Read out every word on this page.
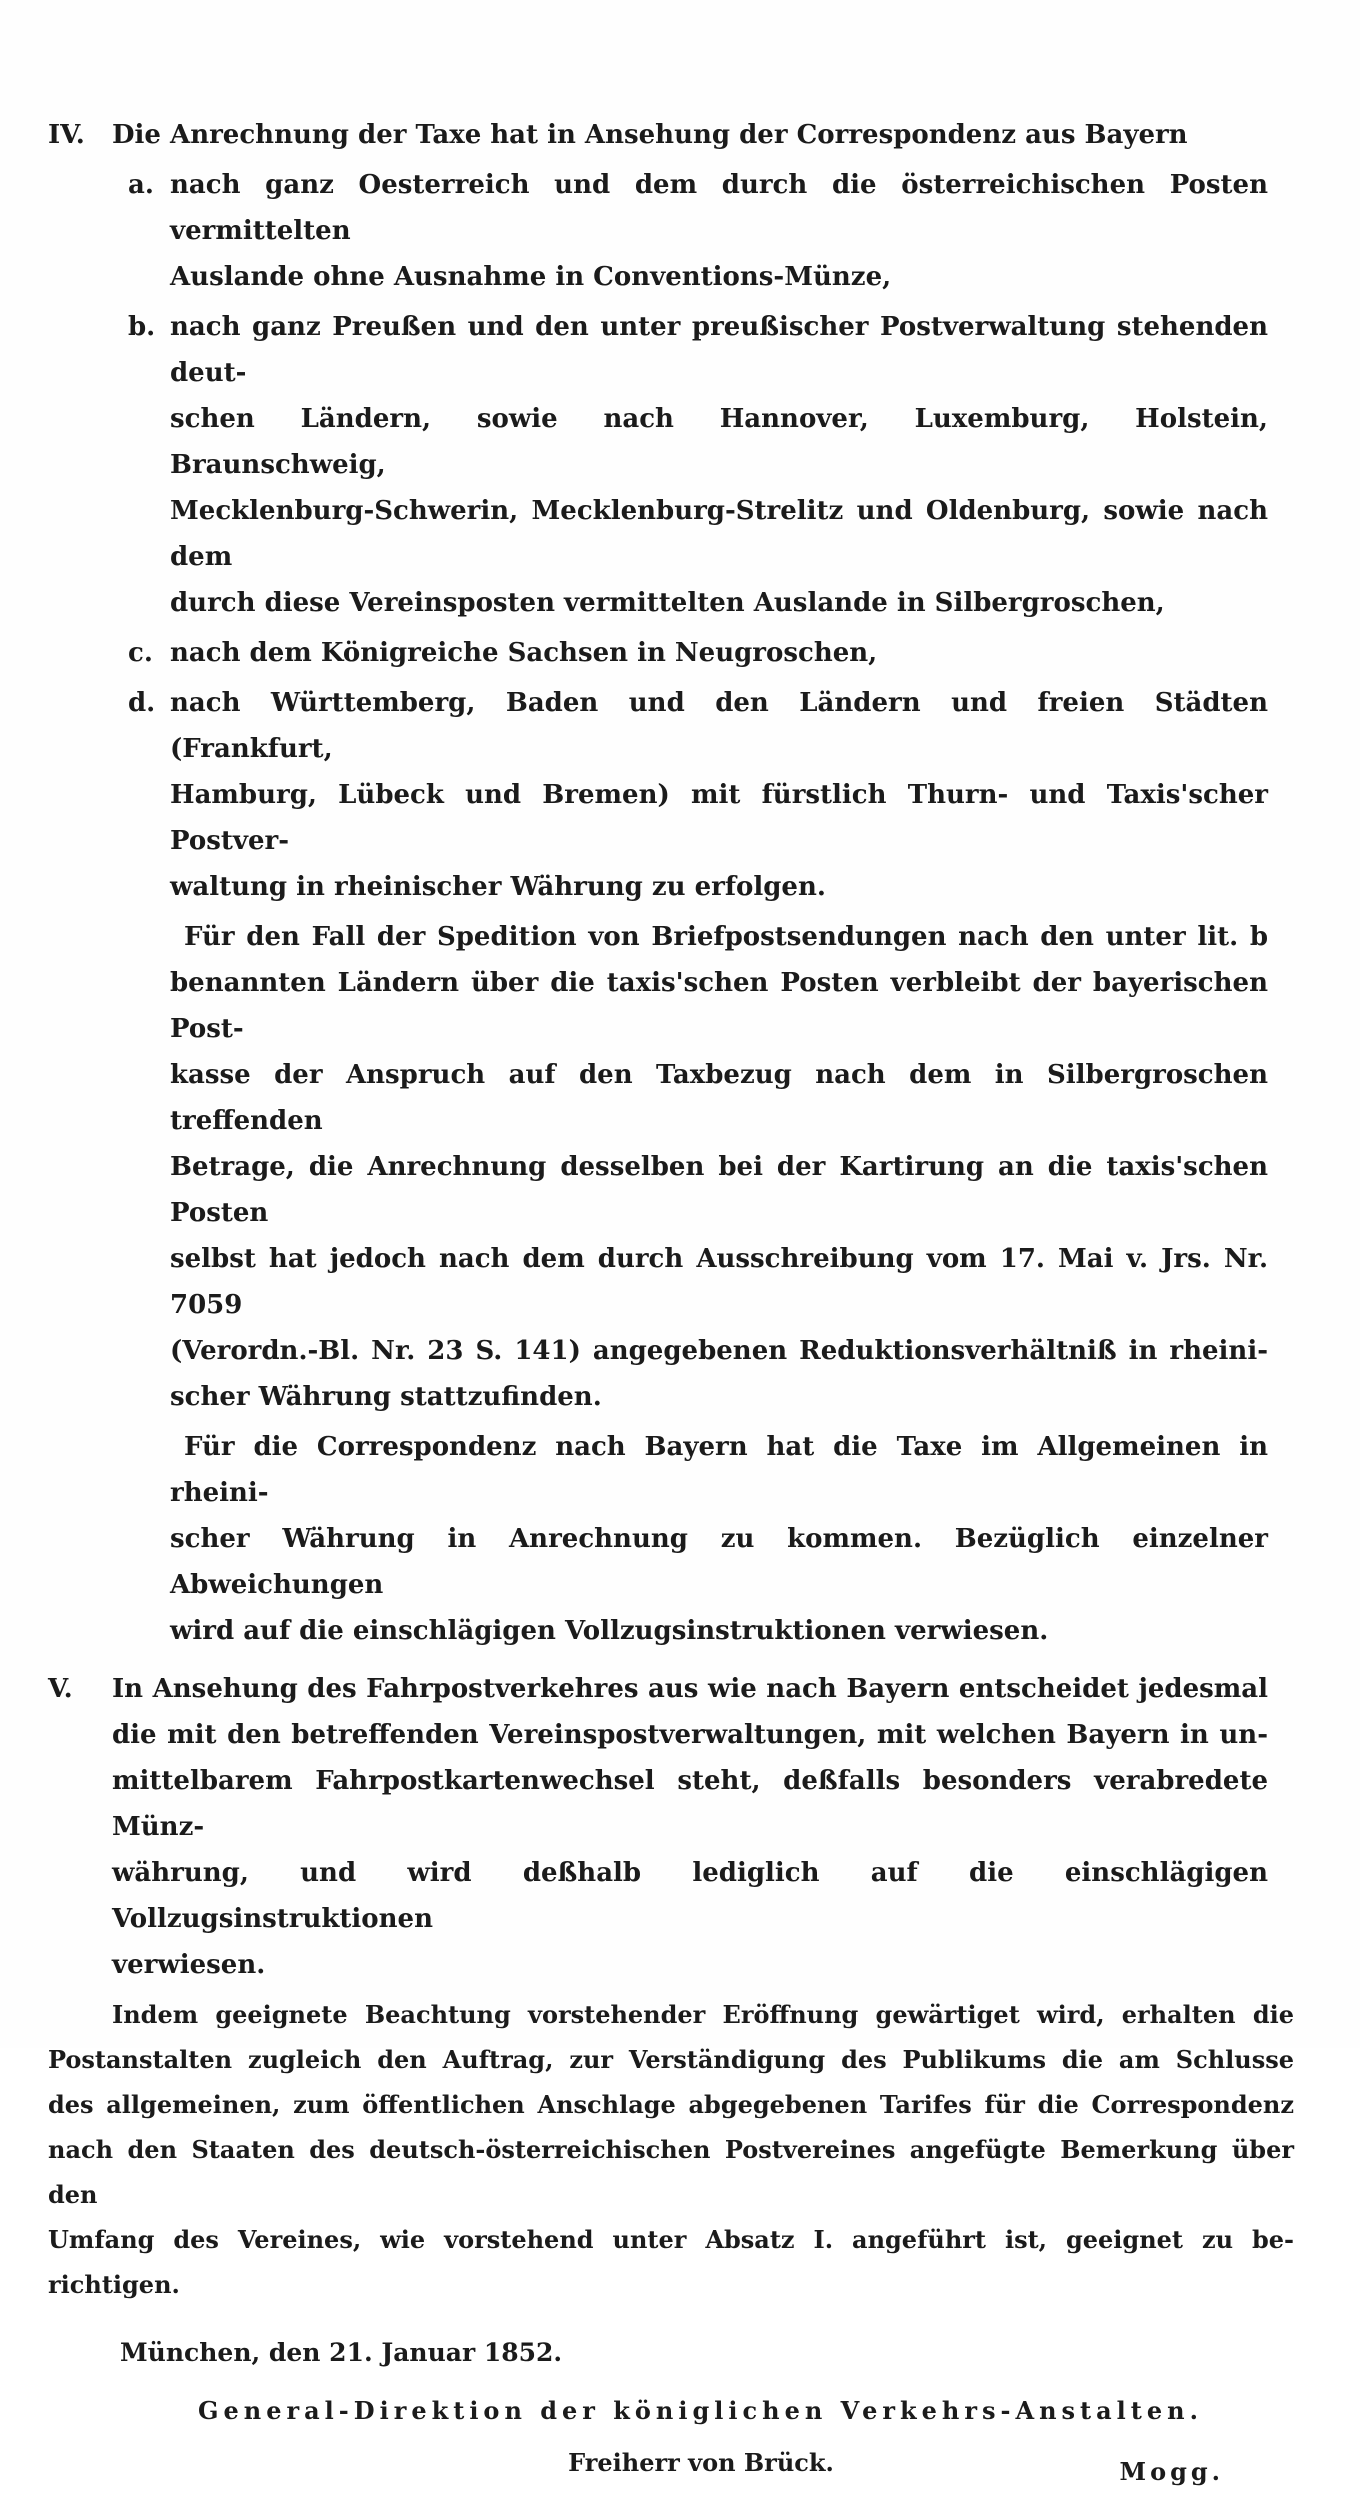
IV.	Die Anrechnung der Taxe hat in Ansehung der Correspondenz aus Bayern
a. nach ganz Oesterreich und dem durch die österreichischen Posten vermittelten
Auslande ohne Ausnahme in Conventions-Münze,
b. nach ganz Preußen und den unter preußischer Postverwaltung stehenden deut-
schen Ländern, sowie nach Hannover, Luxemburg, Holstein, Braunschweig,
Mecklenburg-Schwerin, Mecklenburg-Strelitz und Oldenburg, sowie nach dem
durch diese Vereinsposten vermittelten Auslande in Silbergroschen,
c. nach dem Königreiche Sachsen in Neugroschen,
d. nach Württemberg, Baden und den Ländern und freien Städten (Frankfurt,
Hamburg, Lübeck und Bremen) mit fürstlich Thurn- und Taxis'scher Postver-
waltung in rheinischer Währung zu erfolgen.
Für den Fall der Spedition von Briefpostsendungen nach den unter lit. b
benannten Ländern über die taxis'schen Posten verbleibt der bayerischen Post-
kasse der Anspruch auf den Taxbezug nach dem in Silbergroschen treffenden
Betrage, die Anrechnung desselben bei der Kartirung an die taxis'schen Posten
selbst hat jedoch nach dem durch Ausschreibung vom 17. Mai v. Jrs. Nr. 7059
(Verordn.-Bl. Nr. 23 S. 141) angegebenen Reduktionsverhältniß in rheini-
scher Währung stattzufinden.
Für die Correspondenz nach Bayern hat die Taxe im Allgemeinen in rheini-
scher Währung in Anrechnung zu kommen. Bezüglich einzelner Abweichungen
wird auf die einschlägigen Vollzugsinstruktionen verwiesen.
V.	In Ansehung des Fahrpostverkehres aus wie nach Bayern entscheidet jedesmal
die mit den betreffenden Vereinspostverwaltungen, mit welchen Bayern in un-
mittelbarem Fahrpostkartenwechsel steht, deßfalls besonders verabredete Münz-
währung, und wird deßhalb lediglich auf die einschlägigen Vollzugsinstruktionen
verwiesen.
Indem geeignete Beachtung vorstehender Eröffnung gewärtiget wird, erhalten die
Postanstalten zugleich den Auftrag, zur Verständigung des Publikums die am Schlusse
des allgemeinen, zum öffentlichen Anschlage abgegebenen Tarifes für die Correspondenz
nach den Staaten des deutsch-österreichischen Postvereines angefügte Bemerkung über den
Umfang des Vereines, wie vorstehend unter Absatz I. angeführt ist, geeignet zu be-
richtigen.
München, den 21. Januar 1852.
General-Direktion der königlichen Verkehrs-Anstalten.
Freiherr von Brück.	Mogg.
